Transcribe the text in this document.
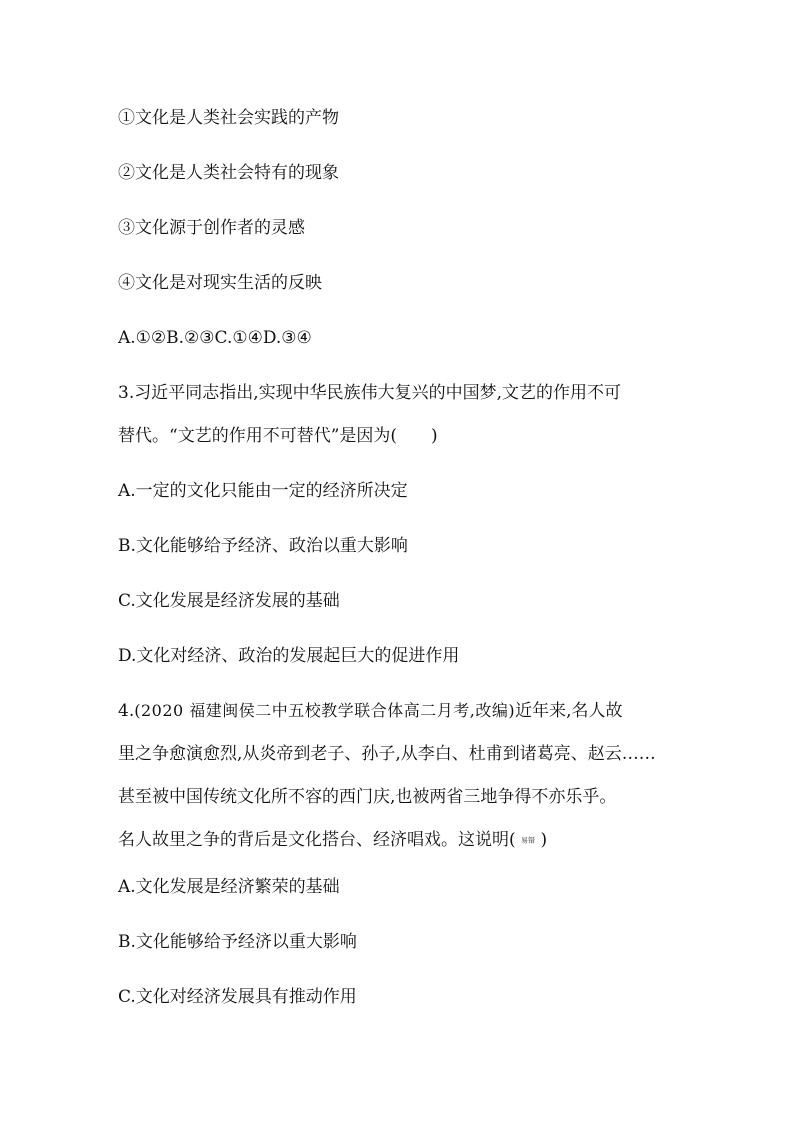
①文化是人类社会实践的产物
②文化是人类社会特有的现象
③文化源于创作者的灵感
④文化是对现实生活的反映
A.①②B.②③C.①④D.③④
3.习近平同志指出,实现中华民族伟大复兴的中国梦,文艺的作用不可
替代。“文艺的作用不可替代”是因为(　　)
A.一定的文化只能由一定的经济所决定
B.文化能够给予经济、政治以重大影响
C.文化发展是经济发展的基础
D.文化对经济、政治的发展起巨大的促进作用
4.(2020 福建闽侯二中五校教学联合体高二月考,改编)近年来,名人故
里之争愈演愈烈,从炎帝到老子、孙子,从李白、杜甫到诸葛亮、赵云……
甚至被中国传统文化所不容的西门庆,也被两省三地争得不亦乐乎。
名人故里之争的背后是文化搭台、经济唱戏。这说明( 易错 )
A.文化发展是经济繁荣的基础
B.文化能够给予经济以重大影响
C.文化对经济发展具有推动作用
